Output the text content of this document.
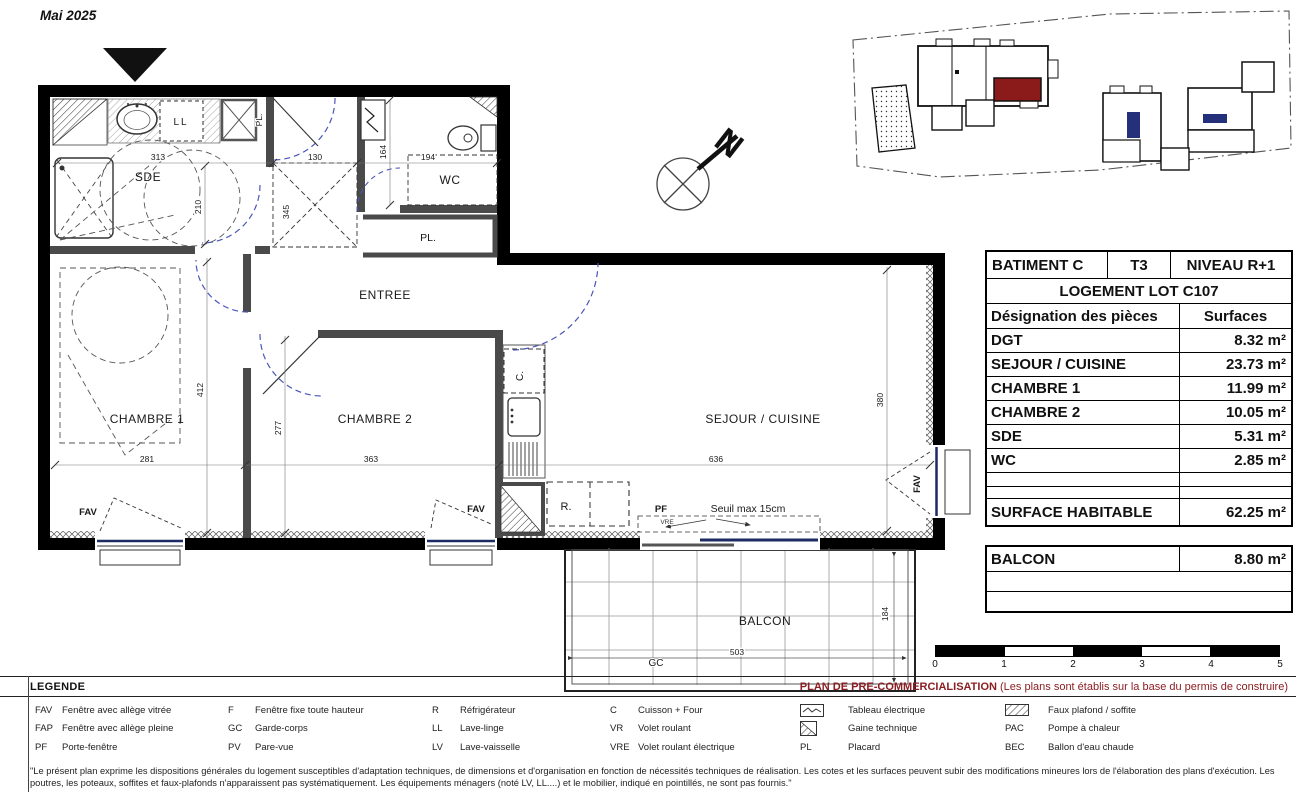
N
BALCON
GC
503
184
FAV	FAV	PF
VRE
Seuil max 15cm
FAV
LL	PL.
C.
R.
313	130	194
210	345
164
412
281
277
363	636
380
SDE	WC
ENTREE
CHAMBRE 1	CHAMBRE 2	SEJOUR / CUISINE
PL.
Mai 2025
BATIMENT C	T3	NIVEAU R+1
LOGEMENT LOT C107
Désignation des pièces	Surfaces
DGT	8.32 m²
SEJOUR / CUISINE	23.73 m²
CHAMBRE 1	11.99 m²
CHAMBRE 2	10.05 m²
SDE	5.31 m²
WC	2.85 m²
SURFACE HABITABLE	62.25 m²
BALCON	8.80 m²
0	1	2	3	4	5
LEGENDE	PLAN DE PRE-COMMERCIALISATION (Les plans sont établis sur la base du permis de construire)
FAV	Fenêtre avec allège vitrée
FAP Fenêtre avec allège pleine
PF	Porte-fenêtre
F	Fenêtre fixe toute hauteur
GC	Garde-corps
PV	Pare-vue
R	Réfrigérateur
LL	Lave-linge
LV	Lave-vaisselle
C	Cuisson + Four
VR	Volet roulant
VRE Volet roulant électrique
Tableau électrique
Gaine technique
PL	Placard
Faux plafond / soffite
PAC	Pompe à chaleur
BEC	Ballon d'eau chaude
"Le présent plan exprime les dispositions générales du logement susceptibles d'adaptation techniques, de dimensions et d'organisation en fonction de nécessités techniques de réalisation. Les cotes et les surfaces peuvent subir des modifications mineures lors de l'élaboration des plans d'exécution. Les poutres, les poteaux, soffites et faux-plafonds n'apparaissent pas systématiquement. Les équipements ménagers (noté LV, LL....) et le mobilier, indiqué en pointillés, ne sont pas fournis."
